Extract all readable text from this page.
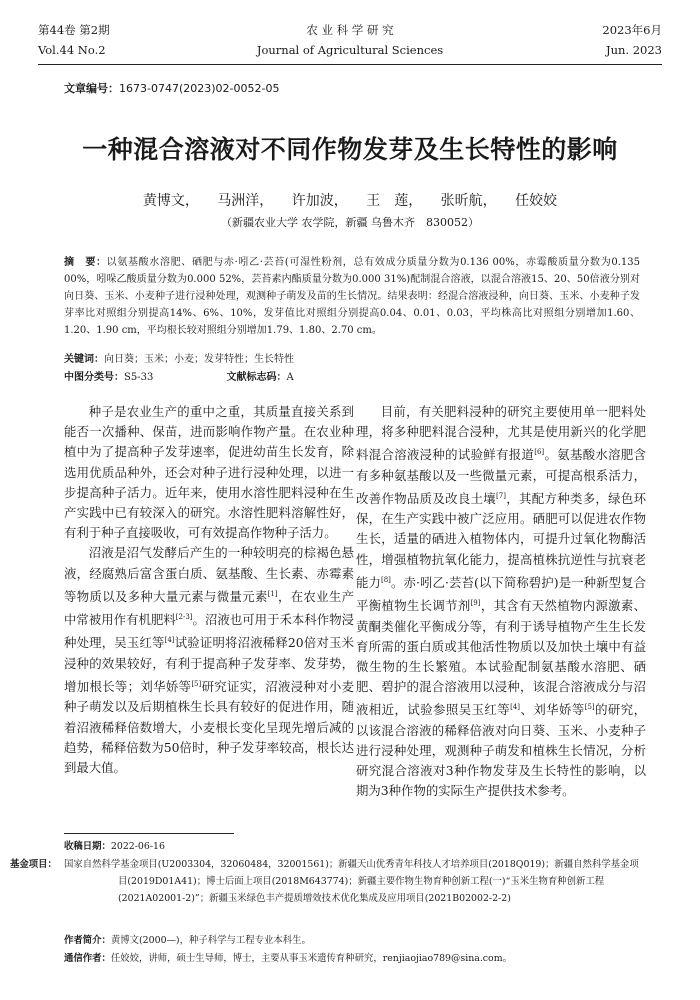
第44卷 第2期
Vol.44 No.2
农 业 科 学 研 究
Journal of Agricultural Sciences
2023年6月
Jun. 2023
文章编号：1673-0747(2023)02-0052-05
一种混合溶液对不同作物发芽及生长特性的影响
黄博文， 马洲洋， 许加波， 王　莲， 张昕航， 任姣姣
（新疆农业大学 农学院，新疆 乌鲁木齐　830052）
摘　要：以氨基酸水溶肥、硒肥与赤·吲乙·芸苔(可湿性粉剂，总有效成分质量分数为0.136 00%，赤霉酸质量分数为0.135 00%，吲哚乙酸质量分数为0.000 52%，芸苔素内酯质量分数为0.000 31%)配制混合溶液，以混合溶液15、20、50倍液分别对向日葵、玉米、小麦种子进行浸种处理，观测种子萌发及苗的生长情况。结果表明：经混合溶液浸种，向日葵、玉米、小麦种子发芽率比对照组分别提高14%、6%、10%，发芽值比对照组分别提高0.04、0.01、0.03，平均株高比对照组分别增加1.60、1.20、1.90 cm，平均根长较对照组分别增加1.79、1.80、2.70 cm。
关键词：向日葵；玉米；小麦；发芽特性；生长特性
中图分类号：S5-33	文献标志码：A

种子是农业生产的重中之重，其质量直接关系到能否一次播种、保苗，进而影响作物产量。在农业种植中为了提高种子发芽速率，促进幼苗生长发育，除选用优质品种外，还会对种子进行浸种处理，以进一步提高种子活力。近年来，使用水溶性肥料浸种在生产实践中已有较深入的研究。水溶性肥料溶解性好，有利于种子直接吸收，可有效提高作物种子活力。

沼液是沼气发酵后产生的一种较明亮的棕褐色悬液，经腐熟后富含蛋白质、氨基酸、生长素、赤霉素等物质以及多种大量元素与微量元素[1]，在农业生产中常被用作有机肥料[2-3]。沼液也可用于禾本科作物浸种处理，吴玉红等[4]试验证明将沼液稀释20倍对玉米浸种的效果较好，有利于提高种子发芽率、发芽势，增加根长等；刘华娇等[5]研究证实，沼液浸种对小麦种子萌发以及后期植株生长具有较好的促进作用，随着沼液稀释倍数增大，小麦根长变化呈现先增后减的趋势，稀释倍数为50倍时，种子发芽率较高，根长达到最大值。

目前，有关肥料浸种的研究主要使用单一肥料处理，将多种肥料混合浸种，尤其是使用新兴的化学肥料混合溶液浸种的试验鲜有报道[6]。氨基酸水溶肥含有多种氨基酸以及一些微量元素，可提高根系活力，改善作物品质及改良土壤[7]，其配方种类多，绿色环保，在生产实践中被广泛应用。硒肥可以促进农作物生长，适量的硒进入植物体内，可提升过氧化物酶活性，增强植物抗氧化能力，提高植株抗逆性与抗衰老能力[8]。赤·吲乙·芸苔(以下简称碧护)是一种新型复合平衡植物生长调节剂[9]，其含有天然植物内源激素、黄酮类催化平衡成分等，有利于诱导植物产生生长发育所需的蛋白质或其他活性物质以及加快土壤中有益微生物的生长繁殖。本试验配制氨基酸水溶肥、硒肥、碧护的混合溶液用以浸种，该混合溶液成分与沼液相近，试验参照吴玉红等[4]、刘华娇等[5]的研究，以该混合溶液的稀释倍液对向日葵、玉米、小麦种子进行浸种处理，观测种子萌发和植株生长情况，分析研究混合溶液对3种作物发芽及生长特性的影响，以期为3种作物的实际生产提供技术参考。

收稿日期：2022-06-16
基金项目： 国家自然科学基金项目(U2003304，32060484，32001561)；新疆天山优秀青年科技人才培养项目(2018Q019)；新疆自然科学基金项目(2019D01A41)；博士后面上项目(2018M643774)；新疆主要作物生物育种创新工程(一)“玉米生物育种创新工程(2021A02001-2)”；新疆玉米绿色丰产提质增效技术优化集成及应用项目(2021B02002-2-2)
作者简介：黄博文(2000—)，种子科学与工程专业本科生。
通信作者：任姣姣，讲师，硕士生导师，博士，主要从事玉米遗传育种研究，renjiaojiao789@sina.com。
